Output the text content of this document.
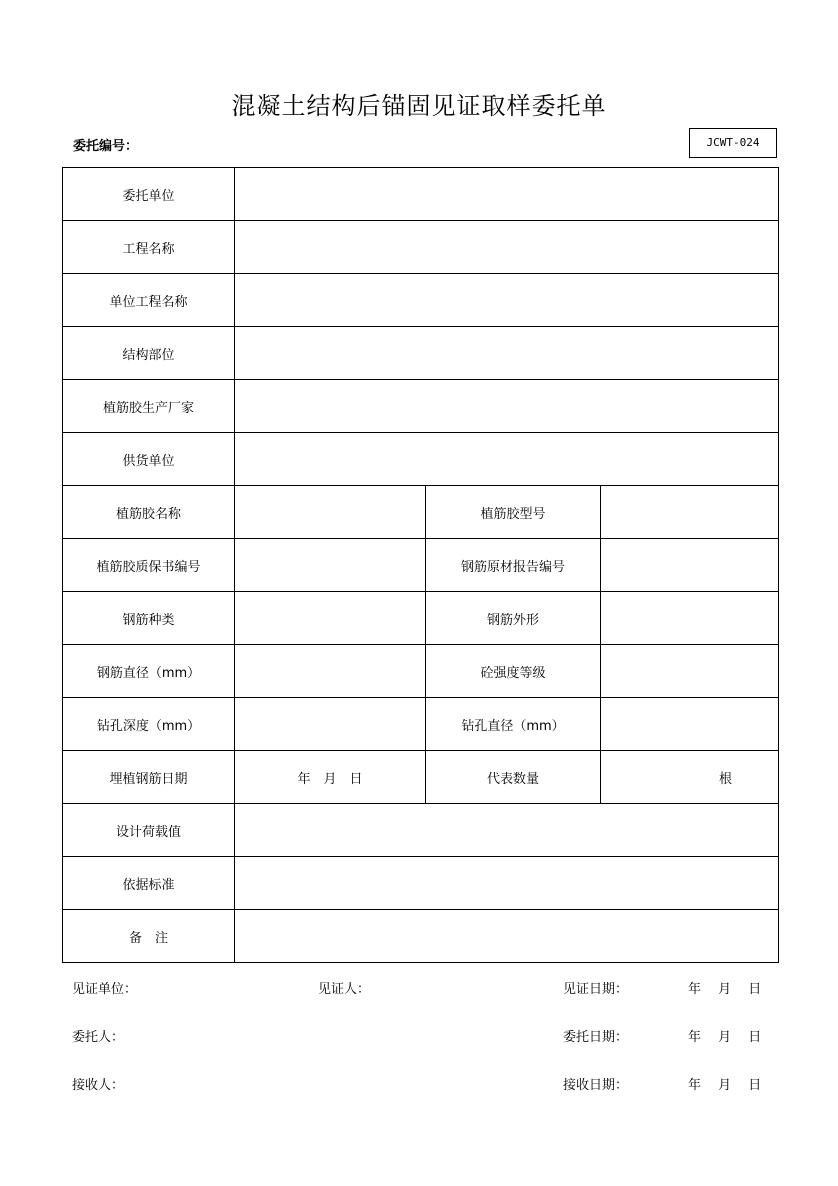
混凝土结构后锚固见证取样委托单
委托编号：	JCWT-024
委托单位			
工程名称			
单位工程名称			
结构部位			
植筋胶生产厂家			
供货单位			
植筋胶名称		植筋胶型号	
植筋胶质保书编号		钢筋原材报告编号	
钢筋种类		钢筋外形	
钢筋直径（mm）		砼强度等级	
钻孔深度（mm）		钻孔直径（mm）	
埋植钢筋日期	年　月　日	代表数量	根
设计荷载值			
依据标准			
备　注			
见证单位：	见证人：	见证日期：	年　 月　 日
委托人：	委托日期：	年　 月　 日
接收人：	接收日期：	年　 月　 日
